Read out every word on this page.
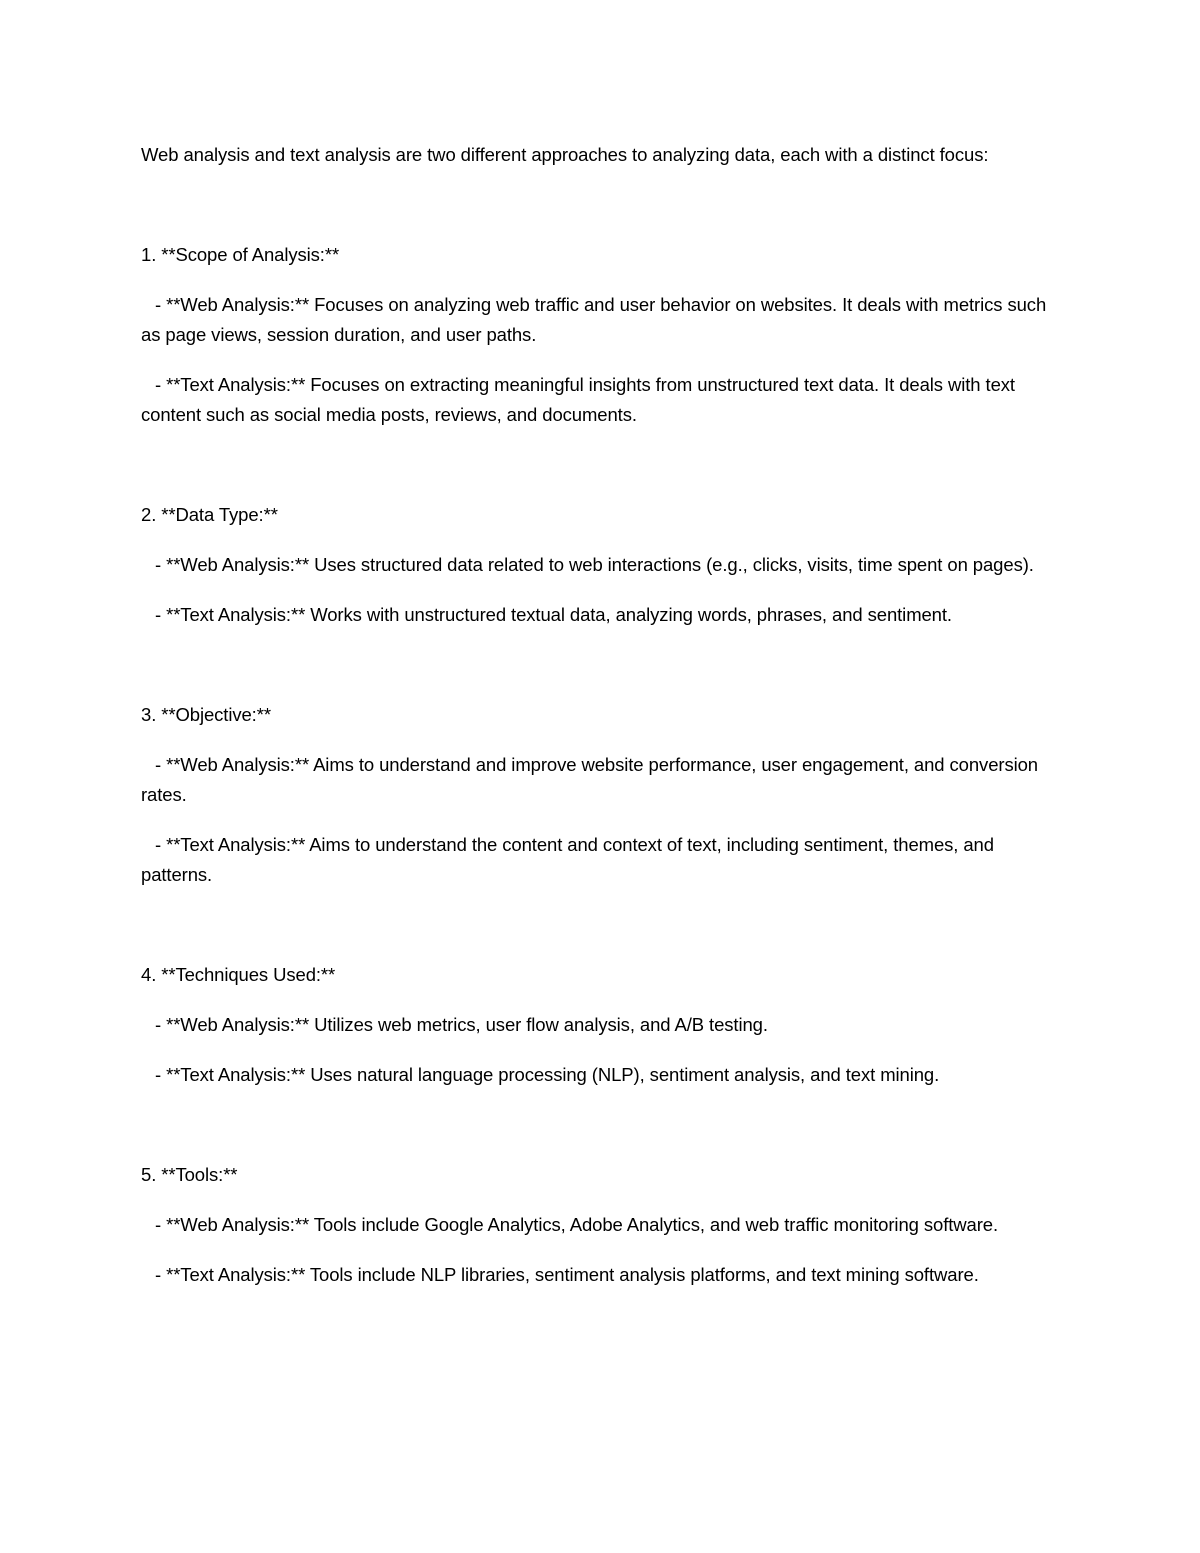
Web analysis and text analysis are two different approaches to analyzing data, each with a distinct focus:

1. **Scope of Analysis:**

- **Web Analysis:** Focuses on analyzing web traffic and user behavior on websites. It deals with metrics such as page views, session duration, and user paths.

- **Text Analysis:** Focuses on extracting meaningful insights from unstructured text data. It deals with text content such as social media posts, reviews, and documents.

2. **Data Type:**

- **Web Analysis:** Uses structured data related to web interactions (e.g., clicks, visits, time spent on pages).

- **Text Analysis:** Works with unstructured textual data, analyzing words, phrases, and sentiment.

3. **Objective:**

- **Web Analysis:** Aims to understand and improve website performance, user engagement, and conversion rates.

- **Text Analysis:** Aims to understand the content and context of text, including sentiment, themes, and patterns.

4. **Techniques Used:**

- **Web Analysis:** Utilizes web metrics, user flow analysis, and A/B testing.

- **Text Analysis:** Uses natural language processing (NLP), sentiment analysis, and text mining.

5. **Tools:**

- **Web Analysis:** Tools include Google Analytics, Adobe Analytics, and web traffic monitoring software.

- **Text Analysis:** Tools include NLP libraries, sentiment analysis platforms, and text mining software.
